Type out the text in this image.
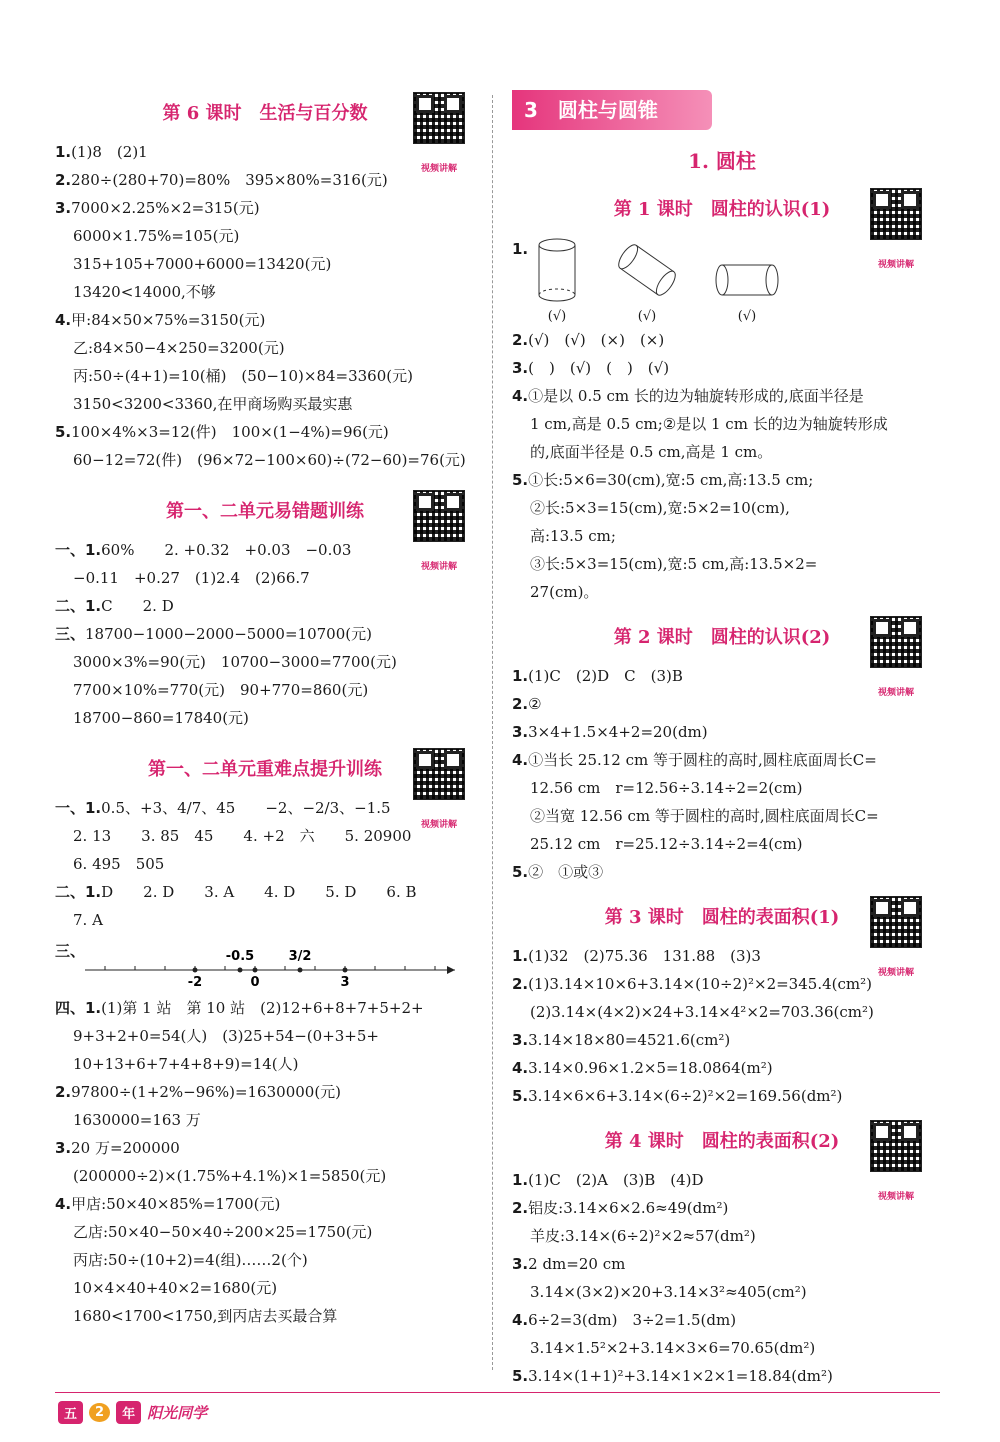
第 6 课时　生活与百分数
视频讲解
1.(1)8　(2)1
2.280÷(280+70)=80%　395×80%=316(元)
3.7000×2.25%×2=315(元)
6000×1.75%=105(元)
315+105+7000+6000=13420(元)
13420<14000,不够
4.甲:84×50×75%=3150(元)
乙:84×50−4×250=3200(元)
丙:50÷(4+1)=10(桶)　(50−10)×84=3360(元)
3150<3200<3360,在甲商场购买最实惠
5.100×4%×3=12(件)　100×(1−4%)=96(元)
60−12=72(件)　(96×72−100×60)÷(72−60)=76(元)
第一、二单元易错题训练
视频讲解
一、1.60%　　2. +0.32　+0.03　−0.03
−0.11　+0.27　(1)2.4　(2)66.7
二、1.C　　2. D
三、18700−1000−2000−5000=10700(元)
3000×3%=90(元)　10700−3000=7700(元)
7700×10%=770(元)　90+770=860(元)
18700−860=17840(元)
第一、二单元重难点提升训练
视频讲解
一、1.0.5、+3、4/7、45　　−2、−2/3、−1.5
2. 13　　3. 85　45　　4. +2　六　　5. 20900
6. 495　505
二、1.D　　2. D　　3. A　　4. D　　5. D　　6. B
7. A
三、
-2
-0.5
0
3/2
3
四、1.(1)第 1 站　第 10 站　(2)12+6+8+7+5+2+
9+3+2+0=54(人)　(3)25+54−(0+3+5+
10+13+6+7+4+8+9)=14(人)
2.97800÷(1+2%−96%)=1630000(元)
1630000=163 万
3.20 万=200000
(200000÷2)×(1.75%+4.1%)×1=5850(元)
4.甲店:50×40×85%=1700(元)
乙店:50×40−50×40÷200×25=1750(元)
丙店:50÷(10+2)=4(组)……2(个)
10×4×40+40×2=1680(元)
1680<1700<1750,到丙店去买最合算
3　圆柱与圆锥
1. 圆柱
第 1 课时　圆柱的认识(1)
视频讲解
1.
(√)	(√)	(√)
2.(√)　(√)　(×)　(×)
3.(　)　(√)　(　)　(√)
4.①是以 0.5 cm 长的边为轴旋转形成的,底面半径是
1 cm,高是 0.5 cm;②是以 1 cm 长的边为轴旋转形成
的,底面半径是 0.5 cm,高是 1 cm。
5.①长:5×6=30(cm),宽:5 cm,高:13.5 cm;
②长:5×3=15(cm),宽:5×2=10(cm),
高:13.5 cm;
③长:5×3=15(cm),宽:5 cm,高:13.5×2=
27(cm)。
第 2 课时　圆柱的认识(2)
视频讲解
1.(1)C　(2)D　C　(3)B
2.②
3.3×4+1.5×4+2=20(dm)
4.①当长 25.12 cm 等于圆柱的高时,圆柱底面周长C=
12.56 cm　r=12.56÷3.14÷2=2(cm)
②当宽 12.56 cm 等于圆柱的高时,圆柱底面周长C=
25.12 cm　r=25.12÷3.14÷2=4(cm)
5.②　①或③
第 3 课时　圆柱的表面积(1)
视频讲解
1.(1)32　(2)75.36　131.88　(3)3
2.(1)3.14×10×6+3.14×(10÷2)²×2=345.4(cm²)
(2)3.14×(4×2)×24+3.14×4²×2=703.36(cm²)
3.3.14×18×80=4521.6(cm²)
4.3.14×0.96×1.2×5=18.0864(m²)
5.3.14×6×6+3.14×(6÷2)²×2=169.56(dm²)
第 4 课时　圆柱的表面积(2)
视频讲解
1.(1)C　(2)A　(3)B　(4)D
2.铝皮:3.14×6×2.6≈49(dm²)
羊皮:3.14×(6÷2)²×2≈57(dm²)
3.2 dm=20 cm
3.14×(3×2)×20+3.14×3²≈405(cm²)
4.6÷2=3(dm)　3÷2=1.5(dm)
3.14×1.5²×2+3.14×3×6=70.65(dm²)
5.3.14×(1+1)²+3.14×1×2×1=18.84(dm²)
五	2	年 阳光同学
